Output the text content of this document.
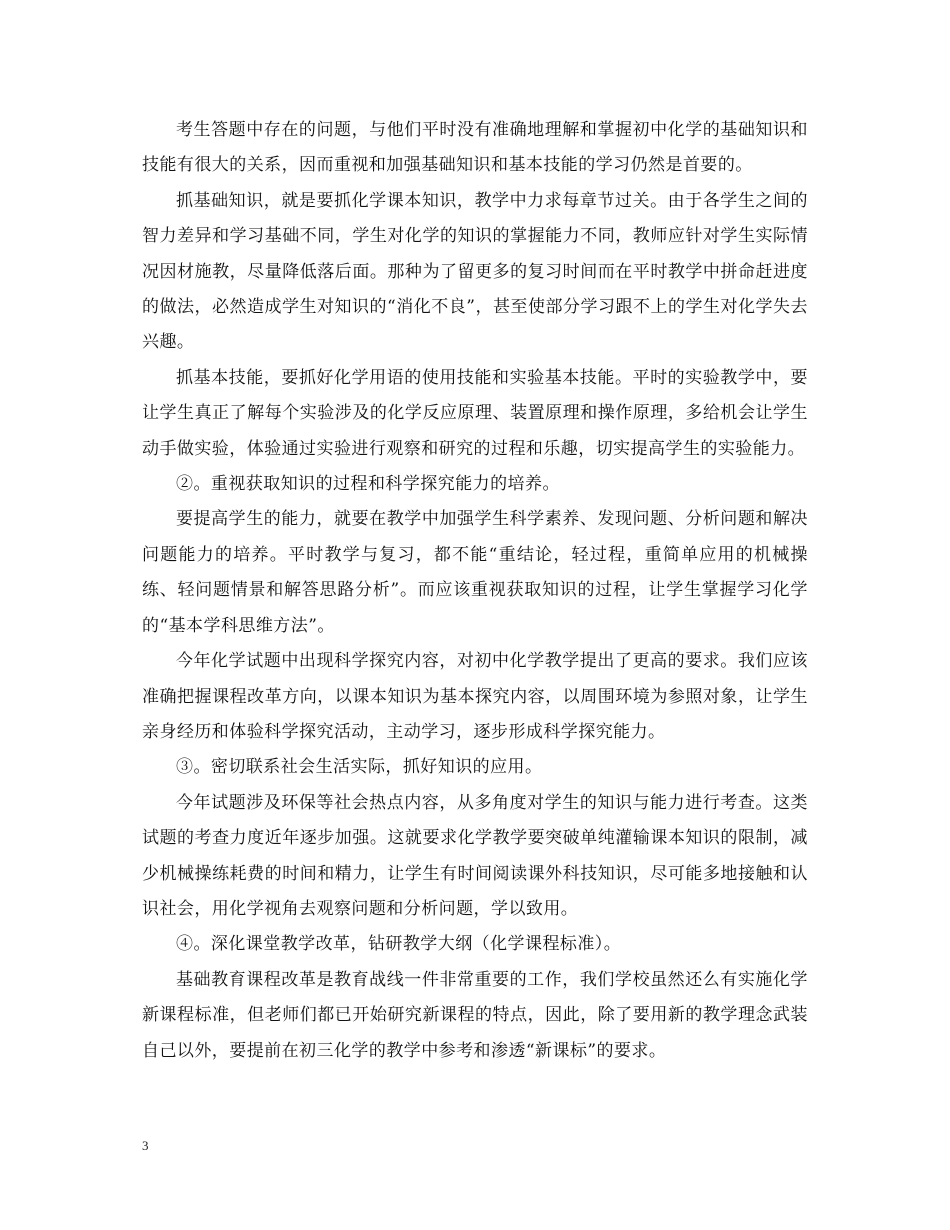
考生答题中存在的问题，与他们平时没有准确地理解和掌握初中化学的基础知识和技能有很大的关系，因而重视和加强基础知识和基本技能的学习仍然是首要的。

抓基础知识，就是要抓化学课本知识，教学中力求每章节过关。由于各学生之间的智力差异和学习基础不同，学生对化学的知识的掌握能力不同，教师应针对学生实际情况因材施教，尽量降低落后面。那种为了留更多的复习时间而在平时教学中拼命赶进度的做法，必然造成学生对知识的“消化不良”，甚至使部分学习跟不上的学生对化学失去兴趣。

抓基本技能，要抓好化学用语的使用技能和实验基本技能。平时的实验教学中，要让学生真正了解每个实验涉及的化学反应原理、装置原理和操作原理，多给机会让学生动手做实验，体验通过实验进行观察和研究的过程和乐趣，切实提高学生的实验能力。

②。重视获取知识的过程和科学探究能力的培养。

要提高学生的能力，就要在教学中加强学生科学素养、发现问题、分析问题和解决问题能力的培养。平时教学与复习，都不能“重结论，轻过程，重简单应用的机械操练、轻问题情景和解答思路分析”。而应该重视获取知识的过程，让学生掌握学习化学的“基本学科思维方法”。

今年化学试题中出现科学探究内容，对初中化学教学提出了更高的要求。我们应该准确把握课程改革方向，以课本知识为基本探究内容，以周围环境为参照对象，让学生亲身经历和体验科学探究活动，主动学习，逐步形成科学探究能力。

③。密切联系社会生活实际，抓好知识的应用。

今年试题涉及环保等社会热点内容，从多角度对学生的知识与能力进行考查。这类试题的考查力度近年逐步加强。这就要求化学教学要突破单纯灌输课本知识的限制，减少机械操练耗费的时间和精力，让学生有时间阅读课外科技知识，尽可能多地接触和认识社会，用化学视角去观察问题和分析问题，学以致用。

④。深化课堂教学改革，钻研教学大纲（化学课程标准）。

基础教育课程改革是教育战线一件非常重要的工作，我们学校虽然还么有实施化学新课程标准，但老师们都已开始研究新课程的特点，因此，除了要用新的教学理念武装自己以外，要提前在初三化学的教学中参考和渗透“新课标”的要求。

3
